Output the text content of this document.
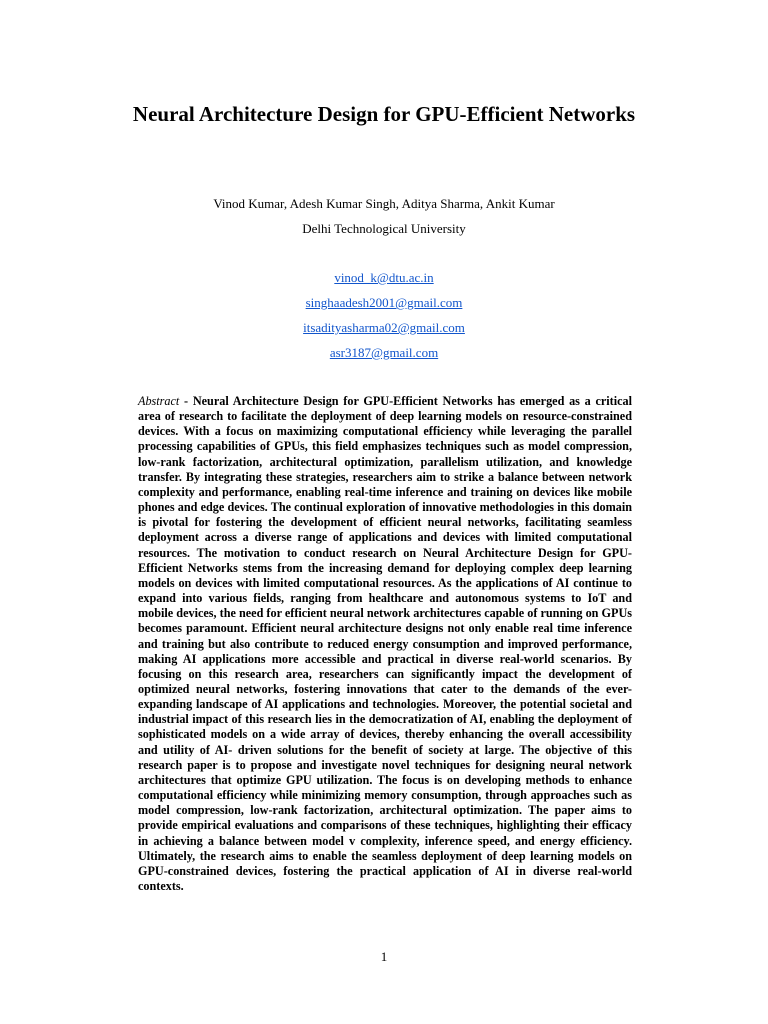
Neural Architecture Design for GPU-Efficient Networks

Vinod Kumar, Adesh Kumar Singh, Aditya Sharma, Ankit Kumar

Delhi Technological University

vinod_k@dtu.ac.in
singhaadesh2001@gmail.com
itsadityasharma02@gmail.com
asr3187@gmail.com

Abstract - Neural Architecture Design for GPU-Efficient Networks has emerged as a critical area of research to facilitate the deployment of deep learning models on resource-constrained devices. With a focus on maximizing computational efficiency while leveraging the parallel processing capabilities of GPUs, this field emphasizes techniques such as model compression, low-rank factorization, architectural optimization, parallelism utilization, and knowledge transfer. By integrating these strategies, researchers aim to strike a balance between network complexity and performance, enabling real-time inference and training on devices like mobile phones and edge devices. The continual exploration of innovative methodologies in this domain is pivotal for fostering the development of efficient neural networks, facilitating seamless deployment across a diverse range of applications and devices with limited computational resources. The motivation to conduct research on Neural Architecture Design for GPU-Efficient Networks stems from the increasing demand for deploying complex deep learning models on devices with limited computational resources. As the applications of AI continue to expand into various fields, ranging from healthcare and autonomous systems to IoT and mobile devices, the need for efficient neural network architectures capable of running on GPUs becomes paramount. Efficient neural architecture designs not only enable real time inference and training but also contribute to reduced energy consumption and improved performance, making AI applications more accessible and practical in diverse real-world scenarios. By focusing on this research area, researchers can significantly impact the development of optimized neural networks, fostering innovations that cater to the demands of the ever-expanding landscape of AI applications and technologies. Moreover, the potential societal and industrial impact of this research lies in the democratization of AI, enabling the deployment of sophisticated models on a wide array of devices, thereby enhancing the overall accessibility and utility of AI- driven solutions for the benefit of society at large. The objective of this research paper is to propose and investigate novel techniques for designing neural network architectures that optimize GPU utilization. The focus is on developing methods to enhance computational efficiency while minimizing memory consumption, through approaches such as model compression, low-rank factorization, architectural optimization. The paper aims to provide empirical evaluations and comparisons of these techniques, highlighting their efficacy in achieving a balance between model v complexity, inference speed, and energy efficiency. Ultimately, the research aims to enable the seamless deployment of deep learning models on GPU-constrained devices, fostering the practical application of AI in diverse real-world contexts.

1
